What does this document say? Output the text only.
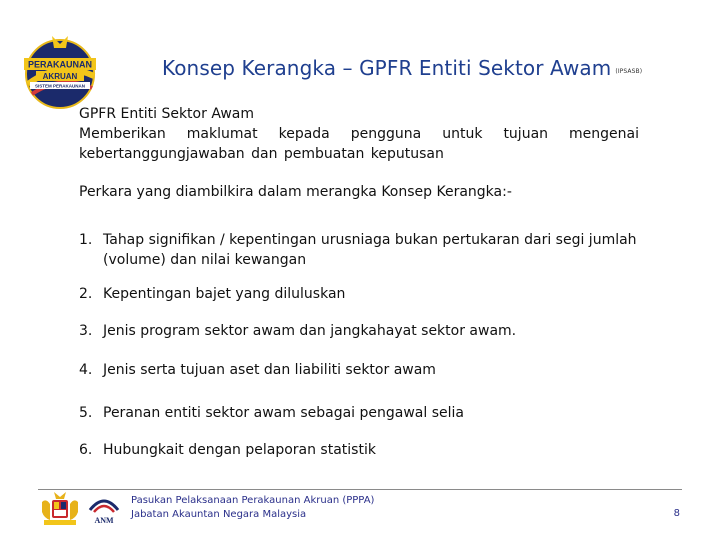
PERAKAUNAN
AKRUAN
SISTEM PERAKAUNAN
Konsep Kerangka – GPFR Entiti Sektor Awam (IPSASB)

GPFR Entiti Sektor Awam

Memberikan maklumat kepada pengguna untuk tujuan mengenai kebertanggungjawaban dan pembuatan keputusan

Perkara yang diambilkira dalam merangka Konsep Kerangka:-
1. Tahap signifikan / kepentingan urusniaga bukan pertukaran dari segi jumlah (volume) dan nilai kewangan
2. Kepentingan bajet yang diluluskan
3. Jenis program sektor awam dan jangkahayat sektor awam.
4. Jenis serta tujuan aset dan liabiliti sektor awam
5. Peranan entiti sektor awam sebagai pengawal selia
6. Hubungkait dengan pelaporan statistik
ANM
Pasukan Pelaksanaan Perakaunan Akruan (PPPA)
Jabatan Akauntan Negara Malaysia	8
